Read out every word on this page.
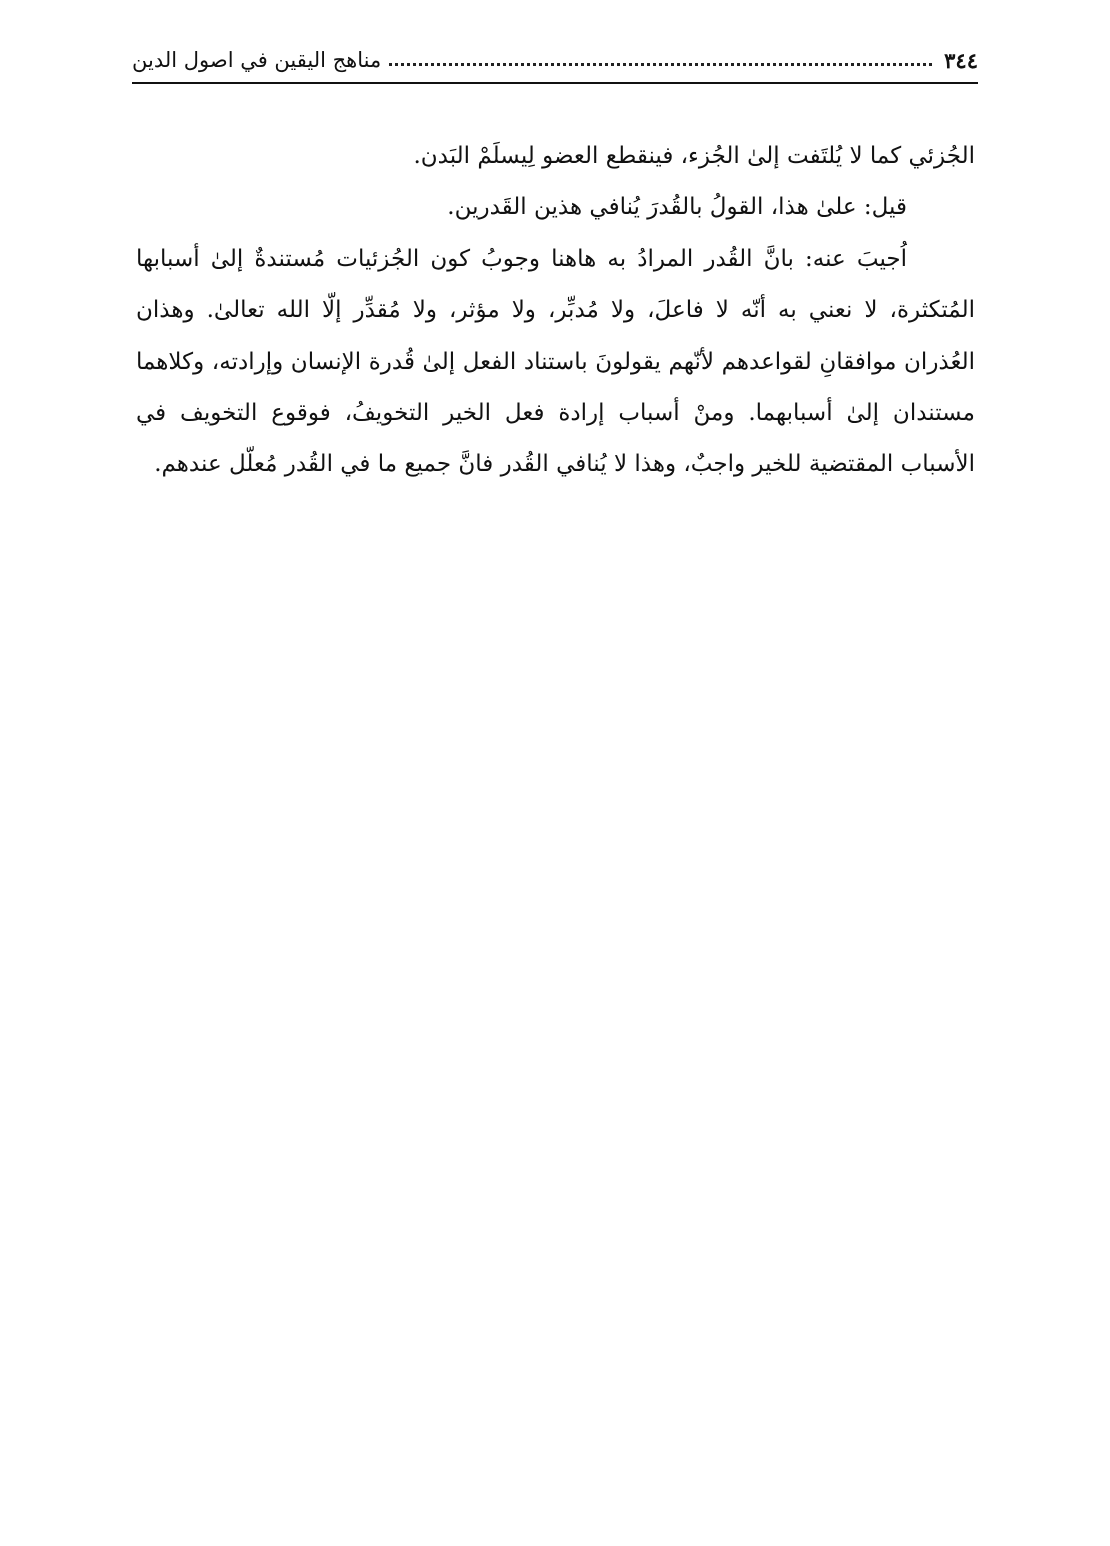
٣٤٤
مناهج اليقين في اصول الدين

الجُزئي كما لا يُلتَفت إلىٰ الجُزء، فينقطع العضو لِيسلَمْ البَدن.

قيل: علىٰ هذا، القولُ بالقُدرَ يُنافي هذين القَدرين.

اُجيبَ عنه: بانَّ القُدر المرادُ به هاهنا وجوبُ كون الجُزئيات مُستندةٌ إلىٰ أسبابها المُتكثرة، لا نعني به أنّه لا فاعلَ، ولا مُدبِّر، ولا مؤثر، ولا مُقدِّر إلّا الله تعالىٰ. وهذان العُذران موافقانِ لقواعدهم لأنّهم يقولونَ باستناد الفعل إلىٰ قُدرة الإنسان وإرادته، وكلاهما مستندان إلىٰ أسبابهما. ومنْ أسباب إرادة فعل الخير التخويفُ، فوقوع التخويف في الأسباب المقتضية للخير واجبٌ، وهذا لا يُنافي القُدر فانَّ جميع ما في القُدر مُعلّل عندهم.
